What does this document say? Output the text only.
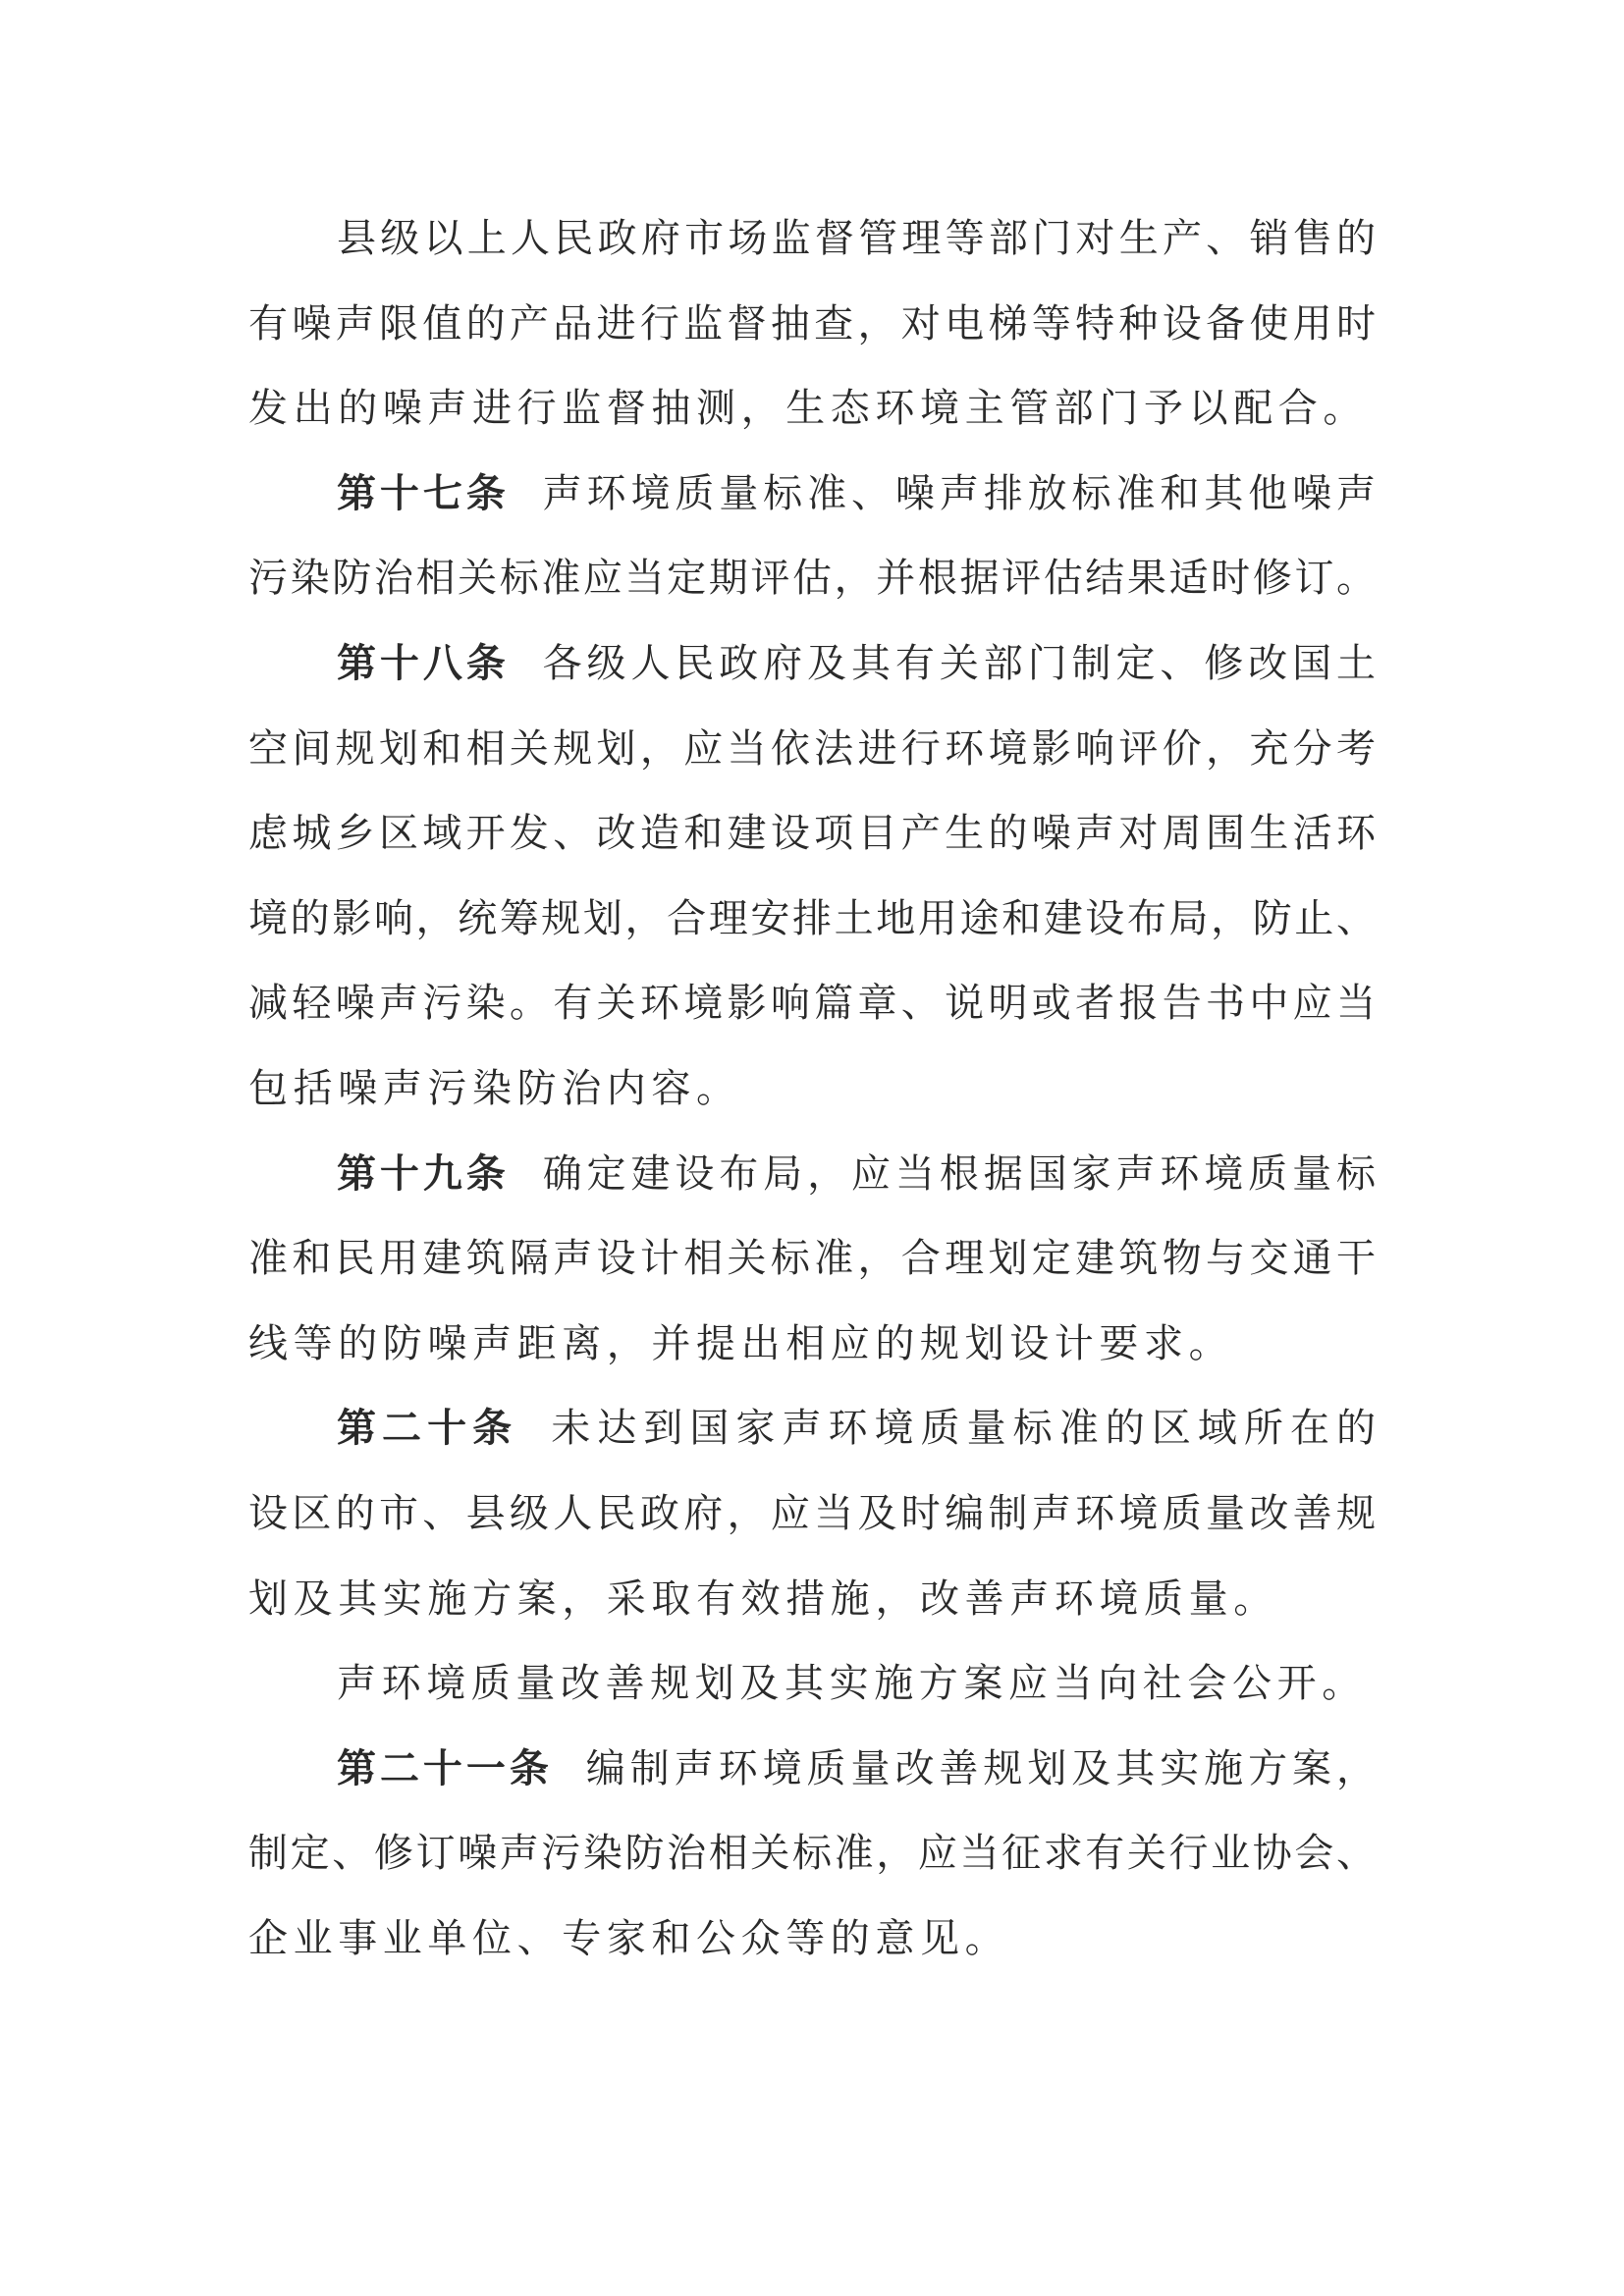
县级以上人民政府市场监督管理等部门对生产、销售的
有噪声限值的产品进行监督抽查，对电梯等特种设备使用时
发出的噪声进行监督抽测，生态环境主管部门予以配合。
第十七条 声环境质量标准、噪声排放标准和其他噪声
污染防治相关标准应当定期评估，并根据评估结果适时修订。
第十八条 各级人民政府及其有关部门制定、修改国土
空间规划和相关规划，应当依法进行环境影响评价，充分考
虑城乡区域开发、改造和建设项目产生的噪声对周围生活环
境的影响，统筹规划，合理安排土地用途和建设布局，防止、
减轻噪声污染。有关环境影响篇章、说明或者报告书中应当
包括噪声污染防治内容。
第十九条 确定建设布局，应当根据国家声环境质量标
准和民用建筑隔声设计相关标准，合理划定建筑物与交通干
线等的防噪声距离，并提出相应的规划设计要求。
第二十条 未达到国家声环境质量标准的区域所在的
设区的市、县级人民政府，应当及时编制声环境质量改善规
划及其实施方案，采取有效措施，改善声环境质量。
声环境质量改善规划及其实施方案应当向社会公开。
第二十一条 编制声环境质量改善规划及其实施方案，
制定、修订噪声污染防治相关标准，应当征求有关行业协会、
企业事业单位、专家和公众等的意见。
